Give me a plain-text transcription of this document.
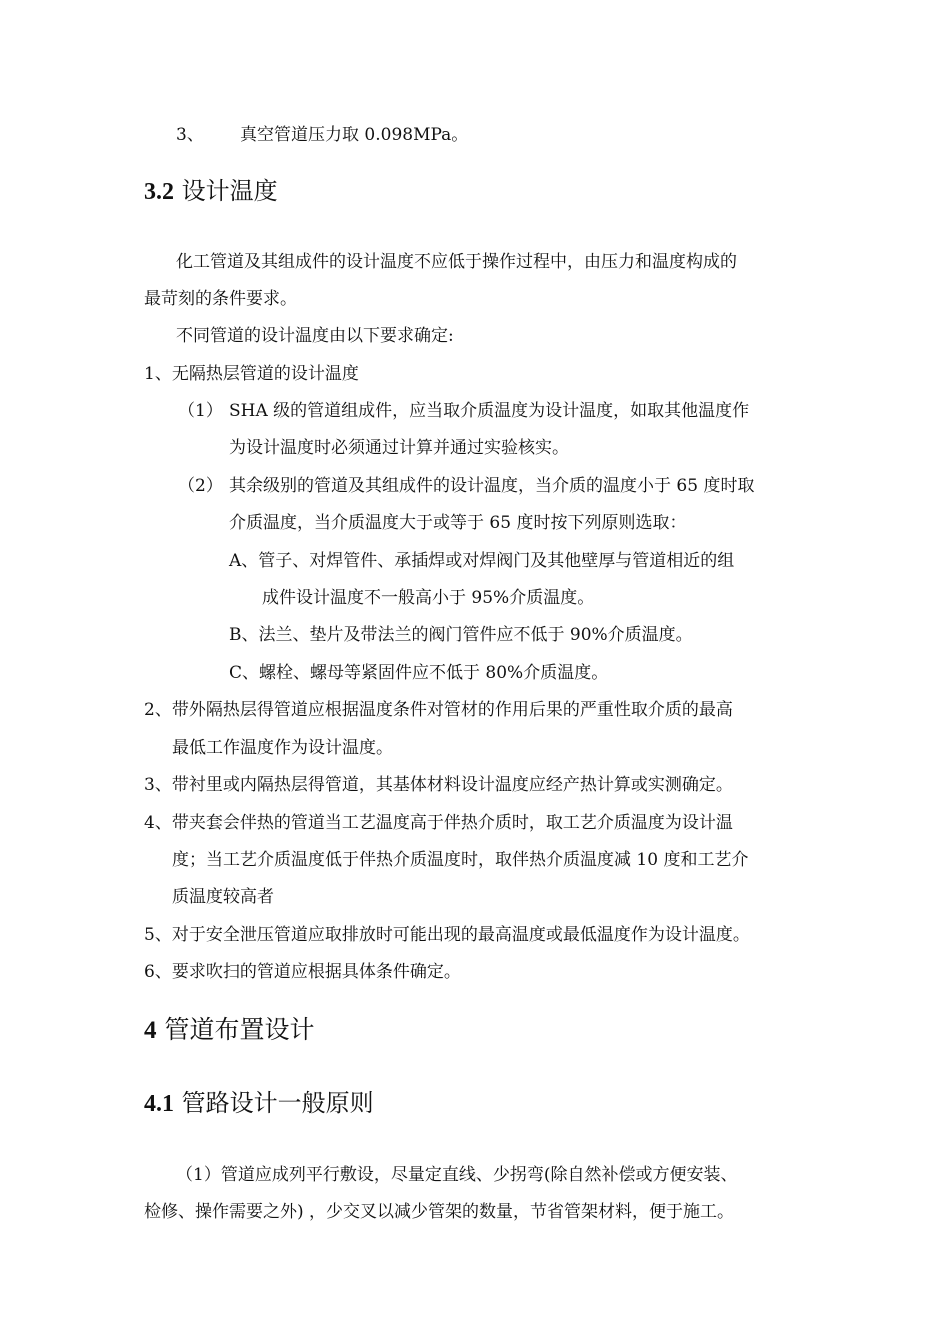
3、 真空管道压力取 0.098MPa。
3.2 设计温度
化工管道及其组成件的设计温度不应低于操作过程中，由压力和温度构成的
最苛刻的条件要求。
不同管道的设计温度由以下要求确定:
1、无隔热层管道的设计温度
（1） SHA 级的管道组成件，应当取介质温度为设计温度，如取其他温度作
为设计温度时必须通过计算并通过实验核实。
（2） 其余级别的管道及其组成件的设计温度，当介质的温度小于 65 度时取
介质温度，当介质温度大于或等于 65 度时按下列原则选取：
A、管子、对焊管件、承插焊或对焊阀门及其他壁厚与管道相近的组
成件设计温度不一般高小于 95%介质温度。
B、法兰、垫片及带法兰的阀门管件应不低于 90%介质温度。
C、螺栓、螺母等紧固件应不低于 80%介质温度。
2、带外隔热层得管道应根据温度条件对管材的作用后果的严重性取介质的最高
最低工作温度作为设计温度。
3、带衬里或内隔热层得管道，其基体材料设计温度应经产热计算或实测确定。
4、带夹套会伴热的管道当工艺温度高于伴热介质时，取工艺介质温度为设计温
度；当工艺介质温度低于伴热介质温度时，取伴热介质温度减 10 度和工艺介
质温度较高者
5、对于安全泄压管道应取排放时可能出现的最高温度或最低温度作为设计温度。
6、要求吹扫的管道应根据具体条件确定。
4 管道布置设计
4.1 管路设计一般原则
（1）管道应成列平行敷设，尽量定直线、少拐弯(除自然补偿或方便安装、
检修、操作需要之外) ，少交叉以减少管架的数量，节省管架材料，便于施工。
